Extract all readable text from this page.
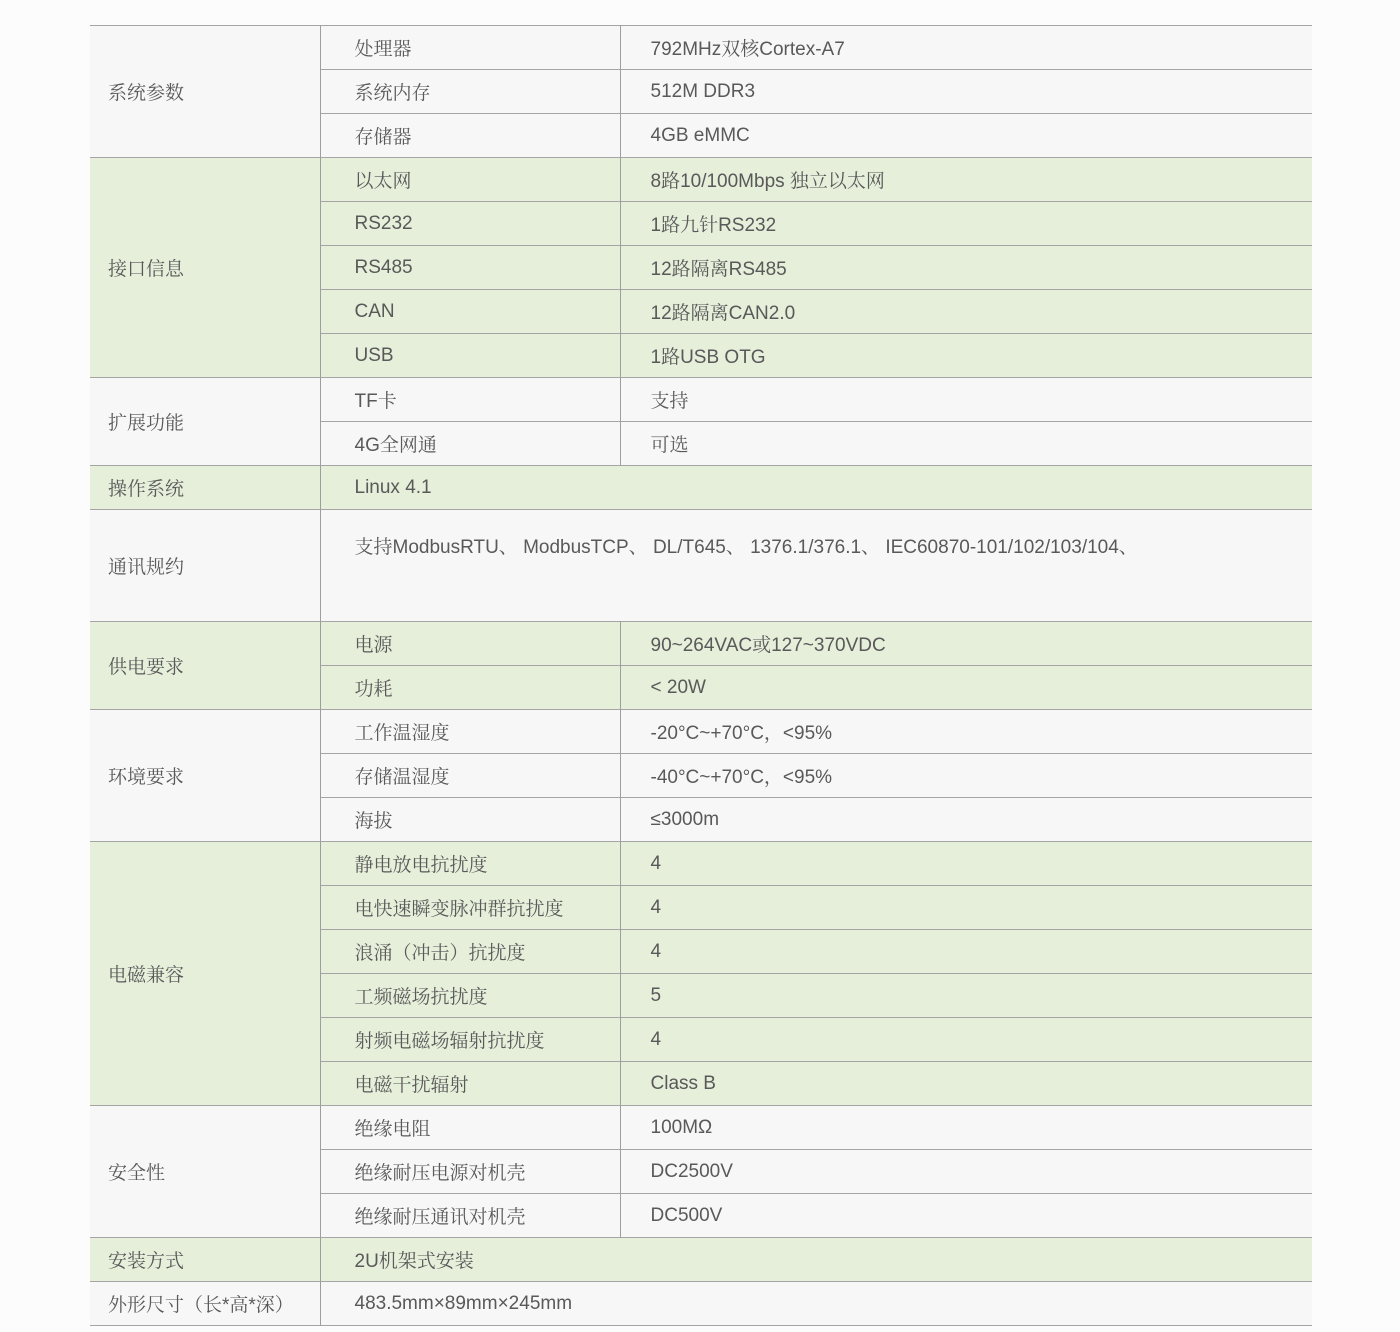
系统参数	处理器	792MHz双核Cortex-A7
	系统内存	512M DDR3
	存储器	4GB eMMC
接口信息	以太网	8路10/100Mbps 独立以太网
	RS232	1路九针RS232
	RS485	12路隔离RS485
	CAN	12路隔离CAN2.0
	USB	1路USB OTG
扩展功能	TF卡	支持
	4G全网通	可选
操作系统	Linux 4.1	
通讯规约	支持ModbusRTU、 ModbusTCP、 DL/T645、 1376.1/376.1、 IEC60870-101/102/103/104、	
供电要求	电源	90~264VAC或127~370VDC
	功耗	< 20W
环境要求	工作温湿度	-20°C~+70°C，<95%
	存储温湿度	-40°C~+70°C，<95%
	海拔	≤3000m
电磁兼容	静电放电抗扰度	4
	电快速瞬变脉冲群抗扰度	4
	浪涌（冲击）抗扰度	4
	工频磁场抗扰度	5
	射频电磁场辐射抗扰度	4
	电磁干扰辐射	Class B
安全性	绝缘电阻	100MΩ
	绝缘耐压电源对机壳	DC2500V
	绝缘耐压通讯对机壳	DC500V
安装方式	2U机架式安装	
外形尺寸（长*高*深）	483.5mm×89mm×245mm	
